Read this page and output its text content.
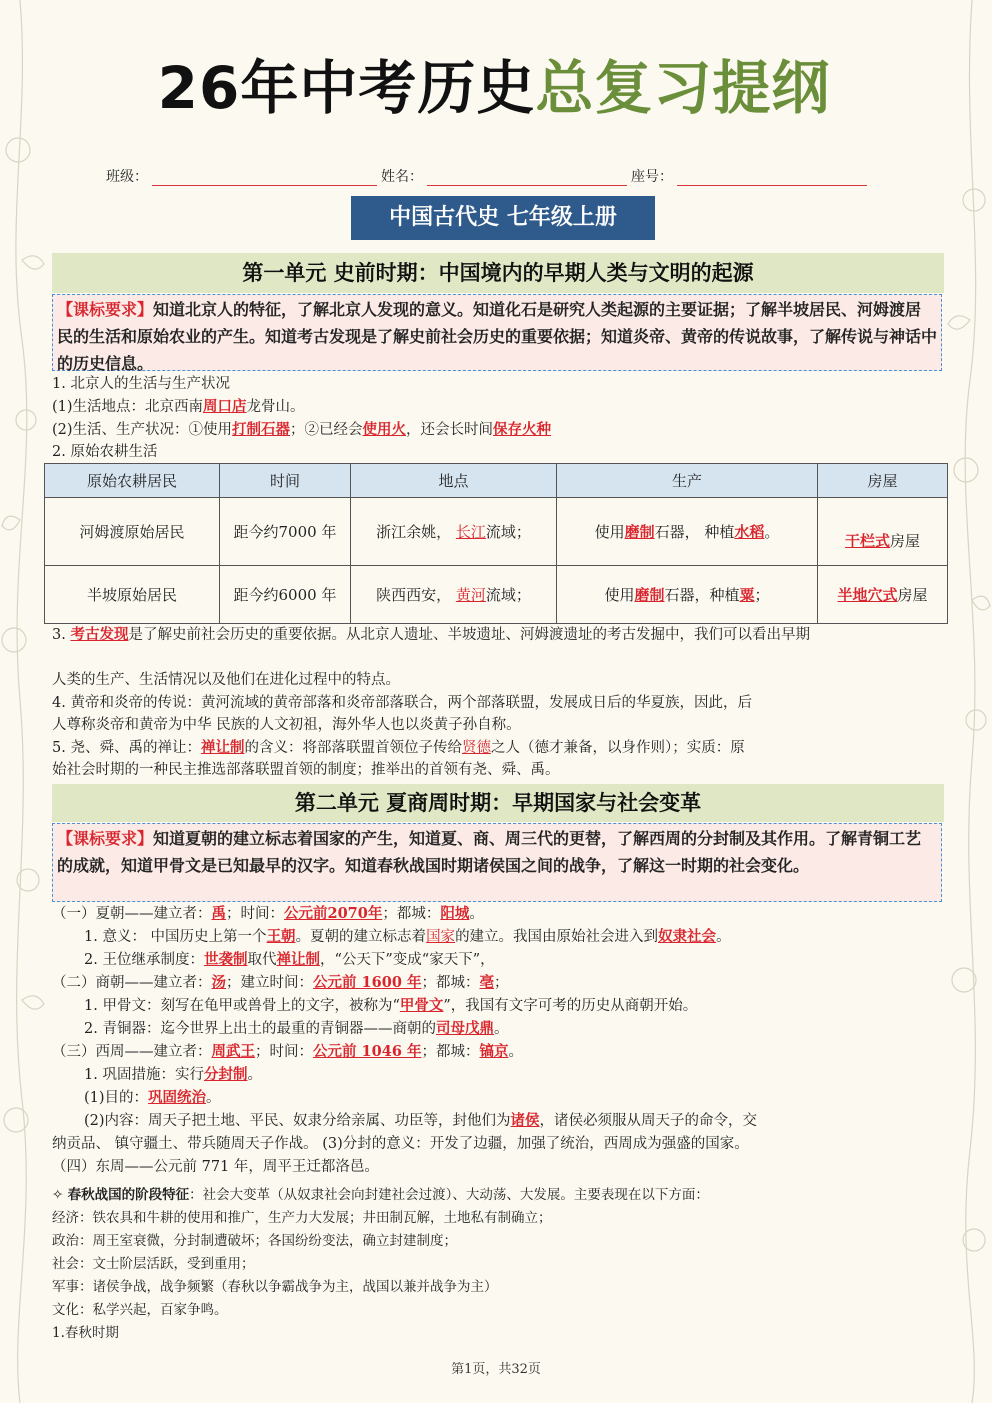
26年中考历史总复习提纲
班级：	姓名：	座号：
中国古代史 七年级上册
第一单元 史前时期：中国境内的早期人类与文明的起源
【课标要求】知道北京人的特征，了解北京人发现的意义。知道化石是研究人类起源的主要证据；了解半坡居民、河姆渡居民的生活和原始农业的产生。知道考古发现是了解史前社会历史的重要依据；知道炎帝、黄帝的传说故事，了解传说与神话中的历史信息。
1. 北京人的生活与生产状况
(1)生活地点：北京西南周口店龙骨山。
(2)生活、生产状况：①使用打制石器；②已经会使用火，还会长时间保存火种
2. 原始农耕生活
原始农耕居民	时间	地点	生产	房屋
河姆渡原始居民	距今约7000 年	浙江余姚， 长江流域；	使用磨制石器， 种植水稻。	干栏式房屋
半坡原始居民	距今约6000 年	陕西西安， 黄河流域；	使用磨制石器，种植粟；	半地穴式房屋
3. 考古发现是了解史前社会历史的重要依据。从北京人遗址、半坡遗址、河姆渡遗址的考古发掘中，我们可以看出早期
人类的生产、生活情况以及他们在进化过程中的特点。
4. 黄帝和炎帝的传说：黄河流域的黄帝部落和炎帝部落联合，两个部落联盟，发展成日后的华夏族，因此，后
人尊称炎帝和黄帝为中华 民族的人文初祖，海外华人也以炎黄子孙自称。
5. 尧、舜、禹的禅让：禅让制的含义：将部落联盟首领位子传给贤德之人（德才兼备，以身作则）；实质：原
始社会时期的一种民主推选部落联盟首领的制度；推举出的首领有尧、舜、禹。
第二单元 夏商周时期：早期国家与社会变革
【课标要求】知道夏朝的建立标志着国家的产生，知道夏、商、周三代的更替，了解西周的分封制及其作用。了解青铜工艺的成就，知道甲骨文是已知最早的汉字。知道春秋战国时期诸侯国之间的战争，了解这一时期的社会变化。
（一）夏朝——建立者：禹；时间：公元前2070年；都城：阳城。
1. 意义： 中国历史上第一个王朝。夏朝的建立标志着国家的建立。我国由原始社会进入到奴隶社会。
2. 王位继承制度：世袭制取代禅让制，“公天下”变成“家天下”，
（二）商朝——建立者：汤；建立时间：公元前 1600 年；都城：亳；
1. 甲骨文：刻写在龟甲或兽骨上的文字，被称为“甲骨文”，我国有文字可考的历史从商朝开始。
2. 青铜器：迄今世界上出土的最重的青铜器——商朝的司母戊鼎。
（三）西周——建立者：周武王；时间：公元前 1046 年；都城：镐京。
1. 巩固措施：实行分封制。
(1)目的：巩固统治。
(2)内容：周天子把土地、平民、奴隶分给亲属、功臣等，封他们为诸侯，诸侯必须服从周天子的命令，交
纳贡品、 镇守疆土、带兵随周天子作战。 (3)分封的意义：开发了边疆，加强了统治，西周成为强盛的国家。
（四）东周——公元前 771 年，周平王迁都洛邑。
✧ 春秋战国的阶段特征：社会大变革（从奴隶社会向封建社会过渡）、大动荡、大发展。主要表现在以下方面：
经济：铁农具和牛耕的使用和推广，生产力大发展；井田制瓦解，土地私有制确立；
政治：周王室衰微，分封制遭破坏；各国纷纷变法，确立封建制度；
社会：文士阶层活跃，受到重用；
军事：诸侯争战，战争频繁（春秋以争霸战争为主，战国以兼并战争为主）
文化：私学兴起，百家争鸣。
1.春秋时期
第1页，共32页
